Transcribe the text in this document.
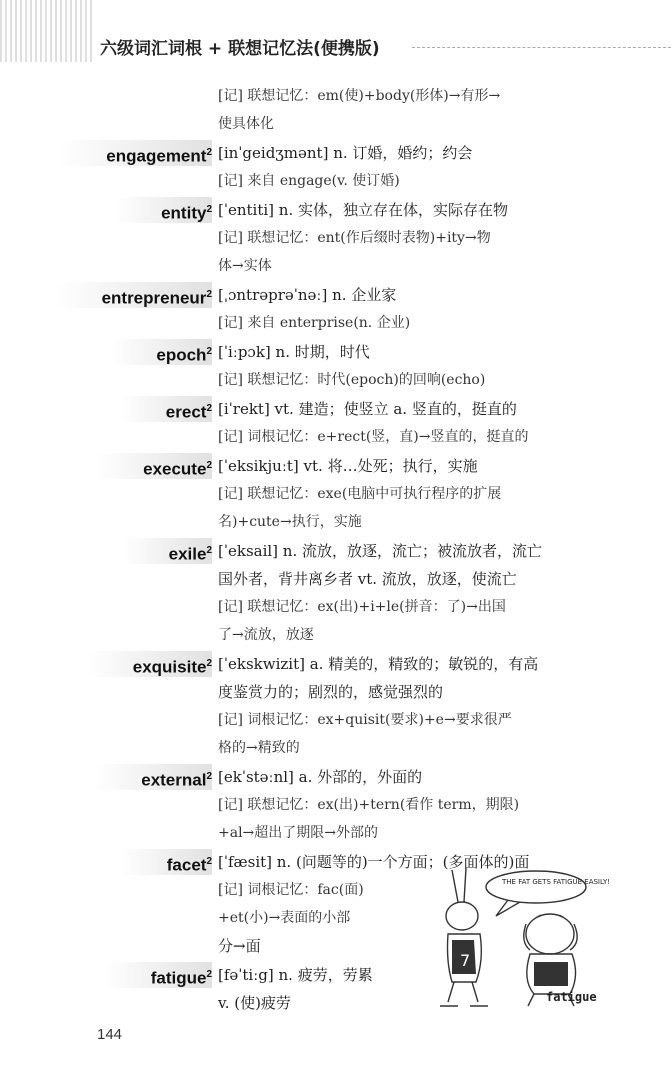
六级词汇词根 + 联想记忆法(便携版)
[记] 联想记忆：em(使)+body(形体)→有形→
使具体化
engagement$^2$ [inˈgeidʒmənt] n. 订婚，婚约；约会
[记] 来自 engage(v. 使订婚)
entity$^2$ [ˈentiti] n. 实体，独立存在体，实际存在物
[记] 联想记忆：ent(作后缀时表物)+ity→物
体→实体
entrepreneur$^2$ [ˌɔntrəprəˈnəː] n. 企业家
[记] 来自 enterprise(n. 企业)
epoch$^2$ [ˈiːpɔk] n. 时期，时代
[记] 联想记忆：时代(epoch)的回响(echo)
erect$^2$ [iˈrekt] vt. 建造；使竖立 a. 竖直的，挺直的
[记] 词根记忆：e+rect(竖，直)→竖直的，挺直的
execute$^2$ [ˈeksikjuːt] vt. 将…处死；执行，实施
[记] 联想记忆：exe(电脑中可执行程序的扩展
名)+cute→执行，实施
exile$^2$ [ˈeksail] n. 流放，放逐，流亡；被流放者，流亡
国外者，背井离乡者 vt. 流放，放逐，使流亡
[记] 联想记忆：ex(出)+i+le(拼音：了)→出国
了→流放，放逐
exquisite$^2$ [ˈekskwizit] a. 精美的，精致的；敏锐的，有高
度鉴赏力的；剧烈的，感觉强烈的
[记] 词根记忆：ex+quisit(要求)+e→要求很严
格的→精致的
external$^2$ [ekˈstəːnl] a. 外部的，外面的
[记] 联想记忆：ex(出)+tern(看作 term，期限)
+al→超出了期限→外部的
facet$^2$ [ˈfæsit] n. (问题等的)一个方面；(多面体的)面
[记] 词根记忆：fac(面)
+et(小)→表面的小部
分→面
fatigue$^2$ [fəˈtiːg] n. 疲劳，劳累
v. (使)疲劳
7
THE FAT GETS FATIGUE EASILY!
fatigue
144
